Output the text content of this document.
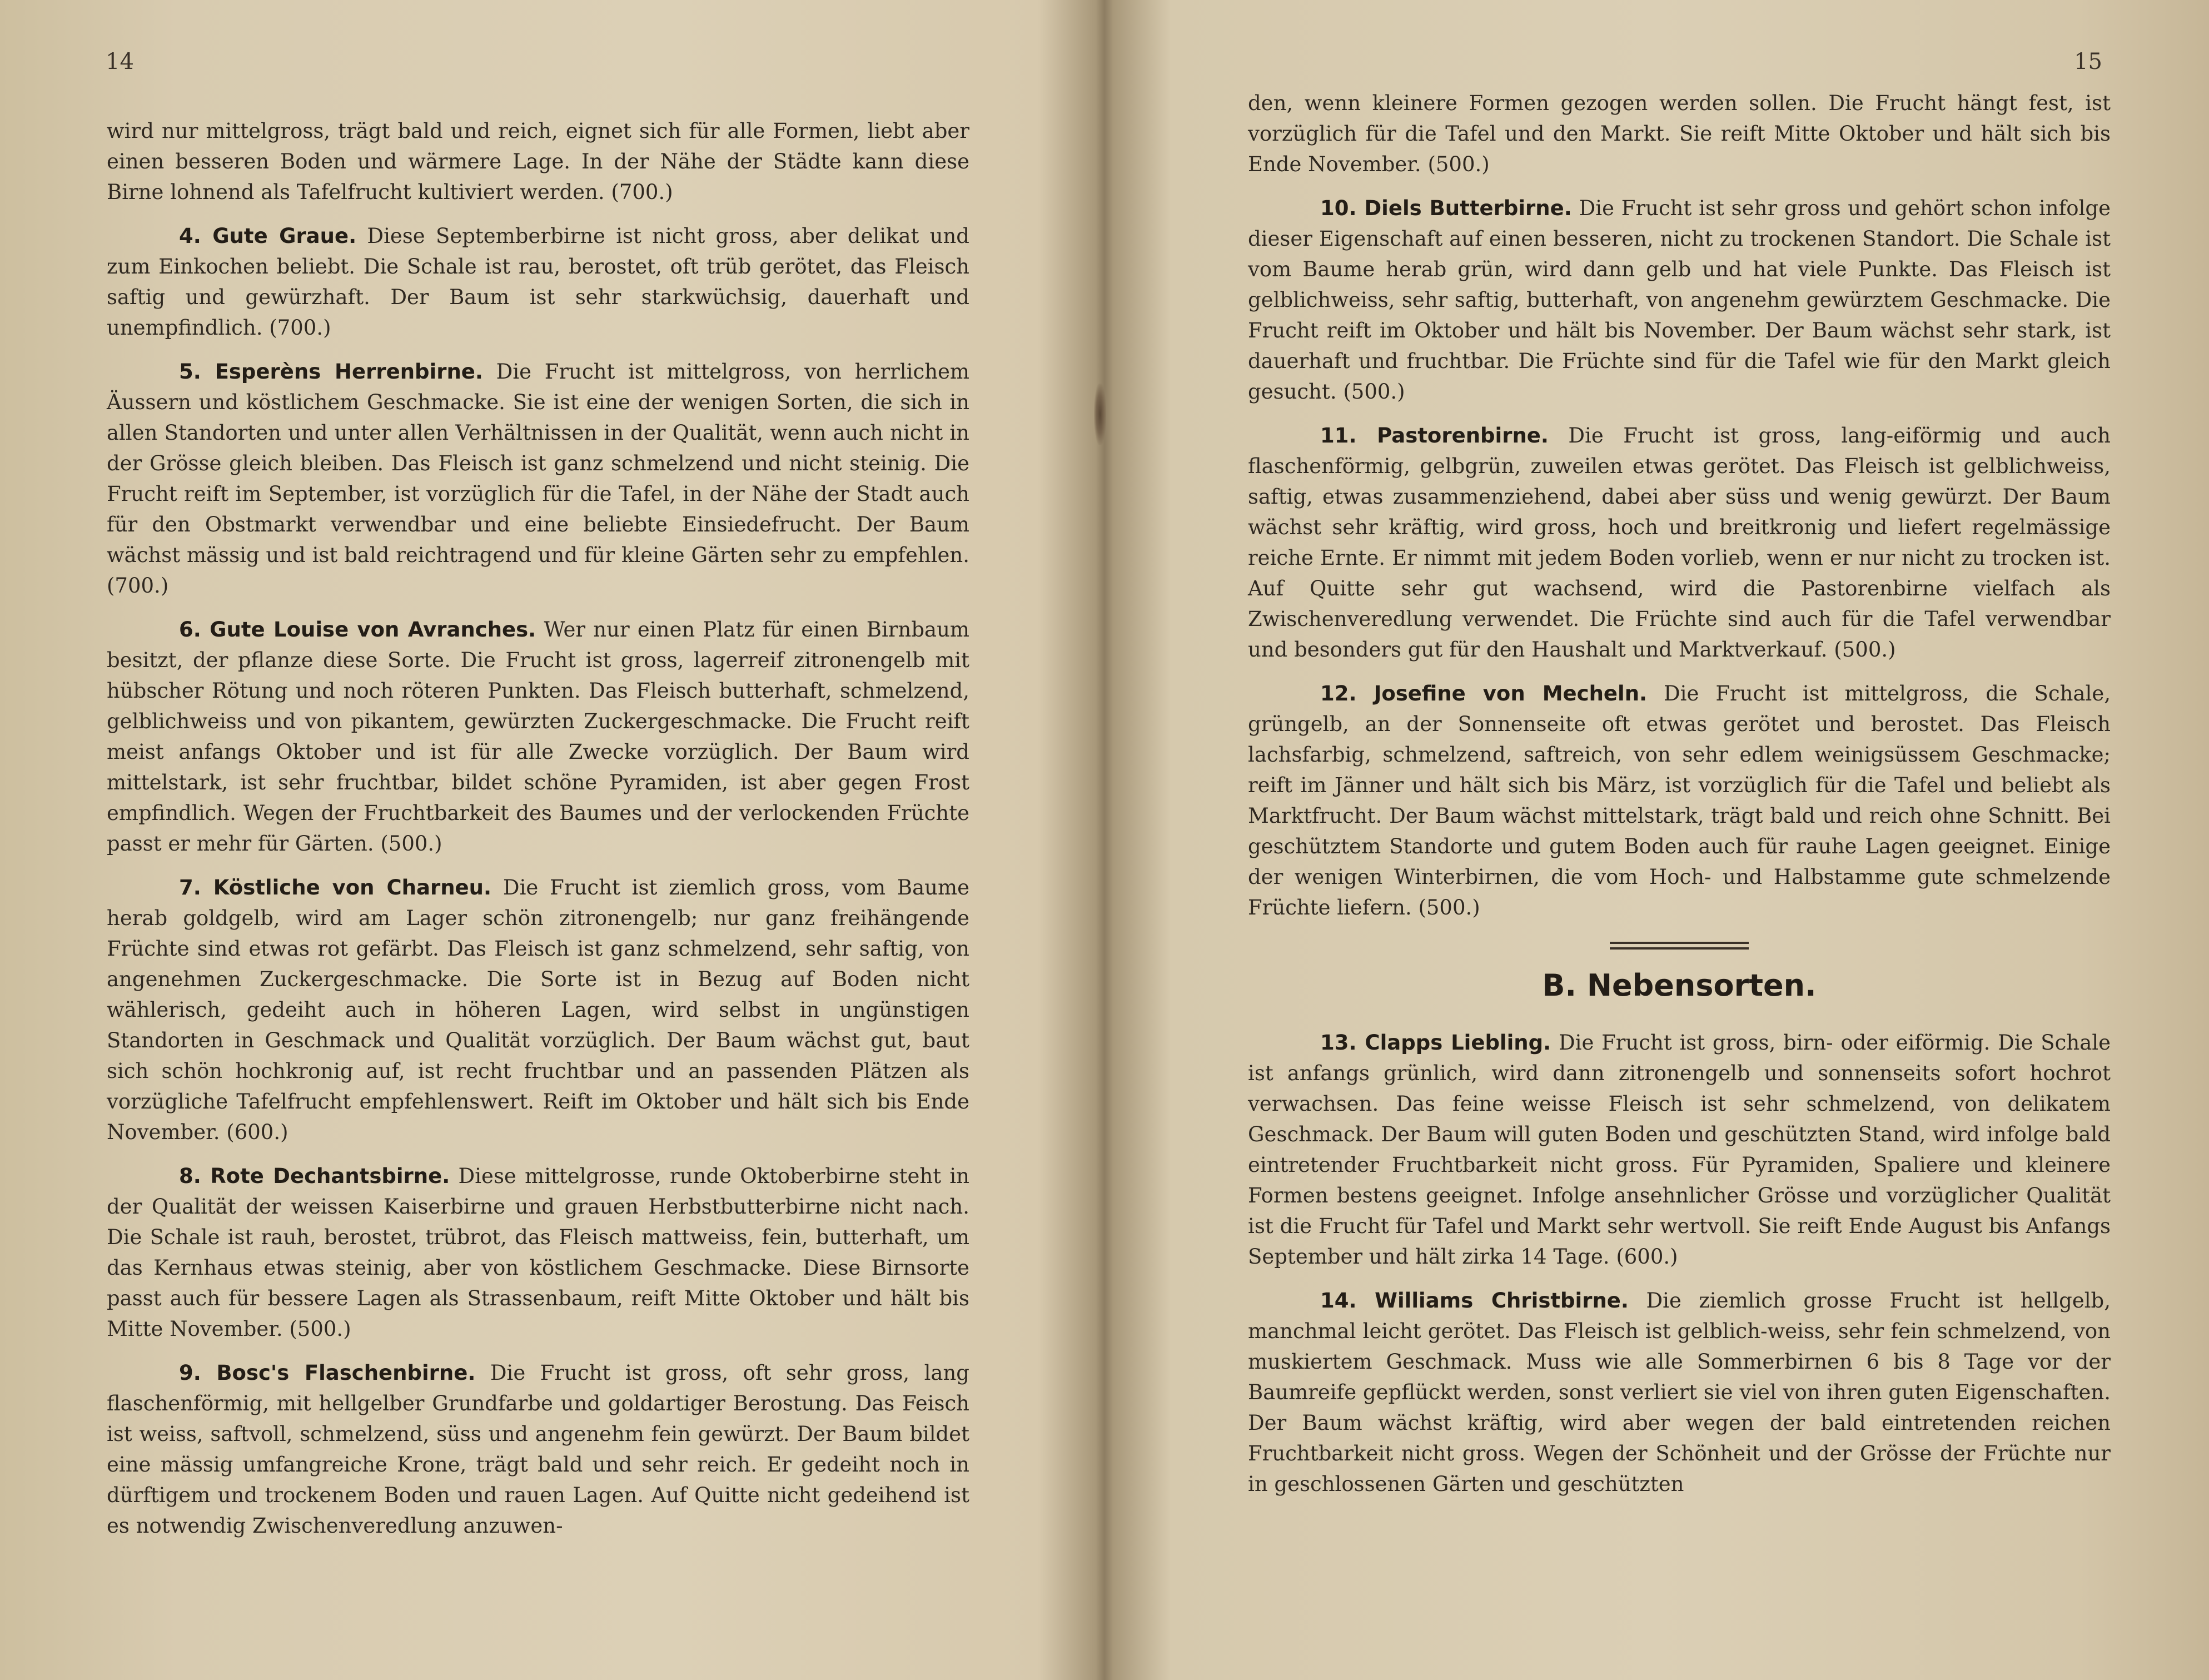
14

wird nur mittelgross, trägt bald und reich, eignet sich für alle Formen, liebt aber einen besseren Boden und wärmere Lage. In der Nähe der Städte kann diese Birne lohnend als Tafelfrucht kultiviert werden. (700.)

4. Gute Graue. Diese Septemberbirne ist nicht gross, aber delikat und zum Einkochen beliebt. Die Schale ist rau, berostet, oft trüb gerötet, das Fleisch saftig und gewürzhaft. Der Baum ist sehr starkwüchsig, dauerhaft und unempfindlich. (700.)

5. Esperèns Herrenbirne. Die Frucht ist mittelgross, von herrlichem Äussern und köstlichem Geschmacke. Sie ist eine der wenigen Sorten, die sich in allen Standorten und unter allen Verhältnissen in der Qualität, wenn auch nicht in der Grösse gleich bleiben. Das Fleisch ist ganz schmelzend und nicht steinig. Die Frucht reift im September, ist vorzüglich für die Tafel, in der Nähe der Stadt auch für den Obstmarkt verwendbar und eine beliebte Einsiedefrucht. Der Baum wächst mässig und ist bald reichtragend und für kleine Gärten sehr zu empfehlen. (700.)

6. Gute Louise von Avranches. Wer nur einen Platz für einen Birnbaum besitzt, der pflanze diese Sorte. Die Frucht ist gross, lagerreif zitronengelb mit hübscher Rötung und noch röteren Punkten. Das Fleisch butterhaft, schmelzend, gelblichweiss und von pikantem, gewürzten Zuckergeschmacke. Die Frucht reift meist anfangs Oktober und ist für alle Zwecke vorzüglich. Der Baum wird mittelstark, ist sehr fruchtbar, bildet schöne Pyramiden, ist aber gegen Frost empfindlich. Wegen der Fruchtbarkeit des Baumes und der verlockenden Früchte passt er mehr für Gärten. (500.)

7. Köstliche von Charneu. Die Frucht ist ziemlich gross, vom Baume herab goldgelb, wird am Lager schön zitronengelb; nur ganz freihängende Früchte sind etwas rot gefärbt. Das Fleisch ist ganz schmelzend, sehr saftig, von angenehmen Zuckergeschmacke. Die Sorte ist in Bezug auf Boden nicht wählerisch, gedeiht auch in höheren Lagen, wird selbst in ungünstigen Standorten in Geschmack und Qualität vorzüglich. Der Baum wächst gut, baut sich schön hochkronig auf, ist recht fruchtbar und an passenden Plätzen als vorzügliche Tafelfrucht empfehlenswert. Reift im Oktober und hält sich bis Ende November. (600.)

8. Rote Dechantsbirne. Diese mittelgrosse, runde Oktoberbirne steht in der Qualität der weissen Kaiserbirne und grauen Herbstbutterbirne nicht nach. Die Schale ist rauh, berostet, trübrot, das Fleisch mattweiss, fein, butterhaft, um das Kernhaus etwas steinig, aber von köstlichem Geschmacke. Diese Birnsorte passt auch für bessere Lagen als Strassenbaum, reift Mitte Oktober und hält bis Mitte November. (500.)

9. Bosc's Flaschenbirne. Die Frucht ist gross, oft sehr gross, lang flaschenförmig, mit hellgelber Grundfarbe und goldartiger Berostung. Das Feisch ist weiss, saftvoll, schmelzend, süss und angenehm fein gewürzt. Der Baum bildet eine mässig umfangreiche Krone, trägt bald und sehr reich. Er gedeiht noch in dürftigem und trockenem Boden und rauen Lagen. Auf Quitte nicht gedeihend ist es notwendig Zwischenveredlung anzuwen-

15

den, wenn kleinere Formen gezogen werden sollen. Die Frucht hängt fest, ist vorzüglich für die Tafel und den Markt. Sie reift Mitte Oktober und hält sich bis Ende November. (500.)

10. Diels Butterbirne. Die Frucht ist sehr gross und gehört schon infolge dieser Eigenschaft auf einen besseren, nicht zu trockenen Standort. Die Schale ist vom Baume herab grün, wird dann gelb und hat viele Punkte. Das Fleisch ist gelblichweiss, sehr saftig, butterhaft, von angenehm gewürztem Geschmacke. Die Frucht reift im Oktober und hält bis November. Der Baum wächst sehr stark, ist dauerhaft und fruchtbar. Die Früchte sind für die Tafel wie für den Markt gleich gesucht. (500.)

11. Pastorenbirne. Die Frucht ist gross, lang-eiförmig und auch flaschenförmig, gelbgrün, zuweilen etwas gerötet. Das Fleisch ist gelblichweiss, saftig, etwas zusammenziehend, dabei aber süss und wenig gewürzt. Der Baum wächst sehr kräftig, wird gross, hoch und breitkronig und liefert regelmässige reiche Ernte. Er nimmt mit jedem Boden vorlieb, wenn er nur nicht zu trocken ist. Auf Quitte sehr gut wachsend, wird die Pastorenbirne vielfach als Zwischenveredlung verwendet. Die Früchte sind auch für die Tafel verwendbar und besonders gut für den Haushalt und Marktverkauf. (500.)

12. Josefine von Mecheln. Die Frucht ist mittelgross, die Schale, grüngelb, an der Sonnenseite oft etwas gerötet und berostet. Das Fleisch lachsfarbig, schmelzend, saftreich, von sehr edlem weinigsüssem Geschmacke; reift im Jänner und hält sich bis März, ist vorzüglich für die Tafel und beliebt als Marktfrucht. Der Baum wächst mittelstark, trägt bald und reich ohne Schnitt. Bei geschütztem Standorte und gutem Boden auch für rauhe Lagen geeignet. Einige der wenigen Winterbirnen, die vom Hoch- und Halbstamme gute schmelzende Früchte liefern. (500.)

B. Nebensorten.

13. Clapps Liebling. Die Frucht ist gross, birn- oder eiförmig. Die Schale ist anfangs grünlich, wird dann zitronengelb und sonnenseits sofort hochrot verwachsen. Das feine weisse Fleisch ist sehr schmelzend, von delikatem Geschmack. Der Baum will guten Boden und geschützten Stand, wird infolge bald eintretender Fruchtbarkeit nicht gross. Für Pyramiden, Spaliere und kleinere Formen bestens geeignet. Infolge ansehnlicher Grösse und vorzüglicher Qualität ist die Frucht für Tafel und Markt sehr wertvoll. Sie reift Ende August bis Anfangs September und hält zirka 14 Tage. (600.)

14. Williams Christbirne. Die ziemlich grosse Frucht ist hellgelb, manchmal leicht gerötet. Das Fleisch ist gelblich-weiss, sehr fein schmelzend, von muskiertem Geschmack. Muss wie alle Sommerbirnen 6 bis 8 Tage vor der Baumreife gepflückt werden, sonst verliert sie viel von ihren guten Eigenschaften. Der Baum wächst kräftig, wird aber wegen der bald eintretenden reichen Fruchtbarkeit nicht gross. Wegen der Schönheit und der Grösse der Früchte nur in geschlossenen Gärten und geschützten
